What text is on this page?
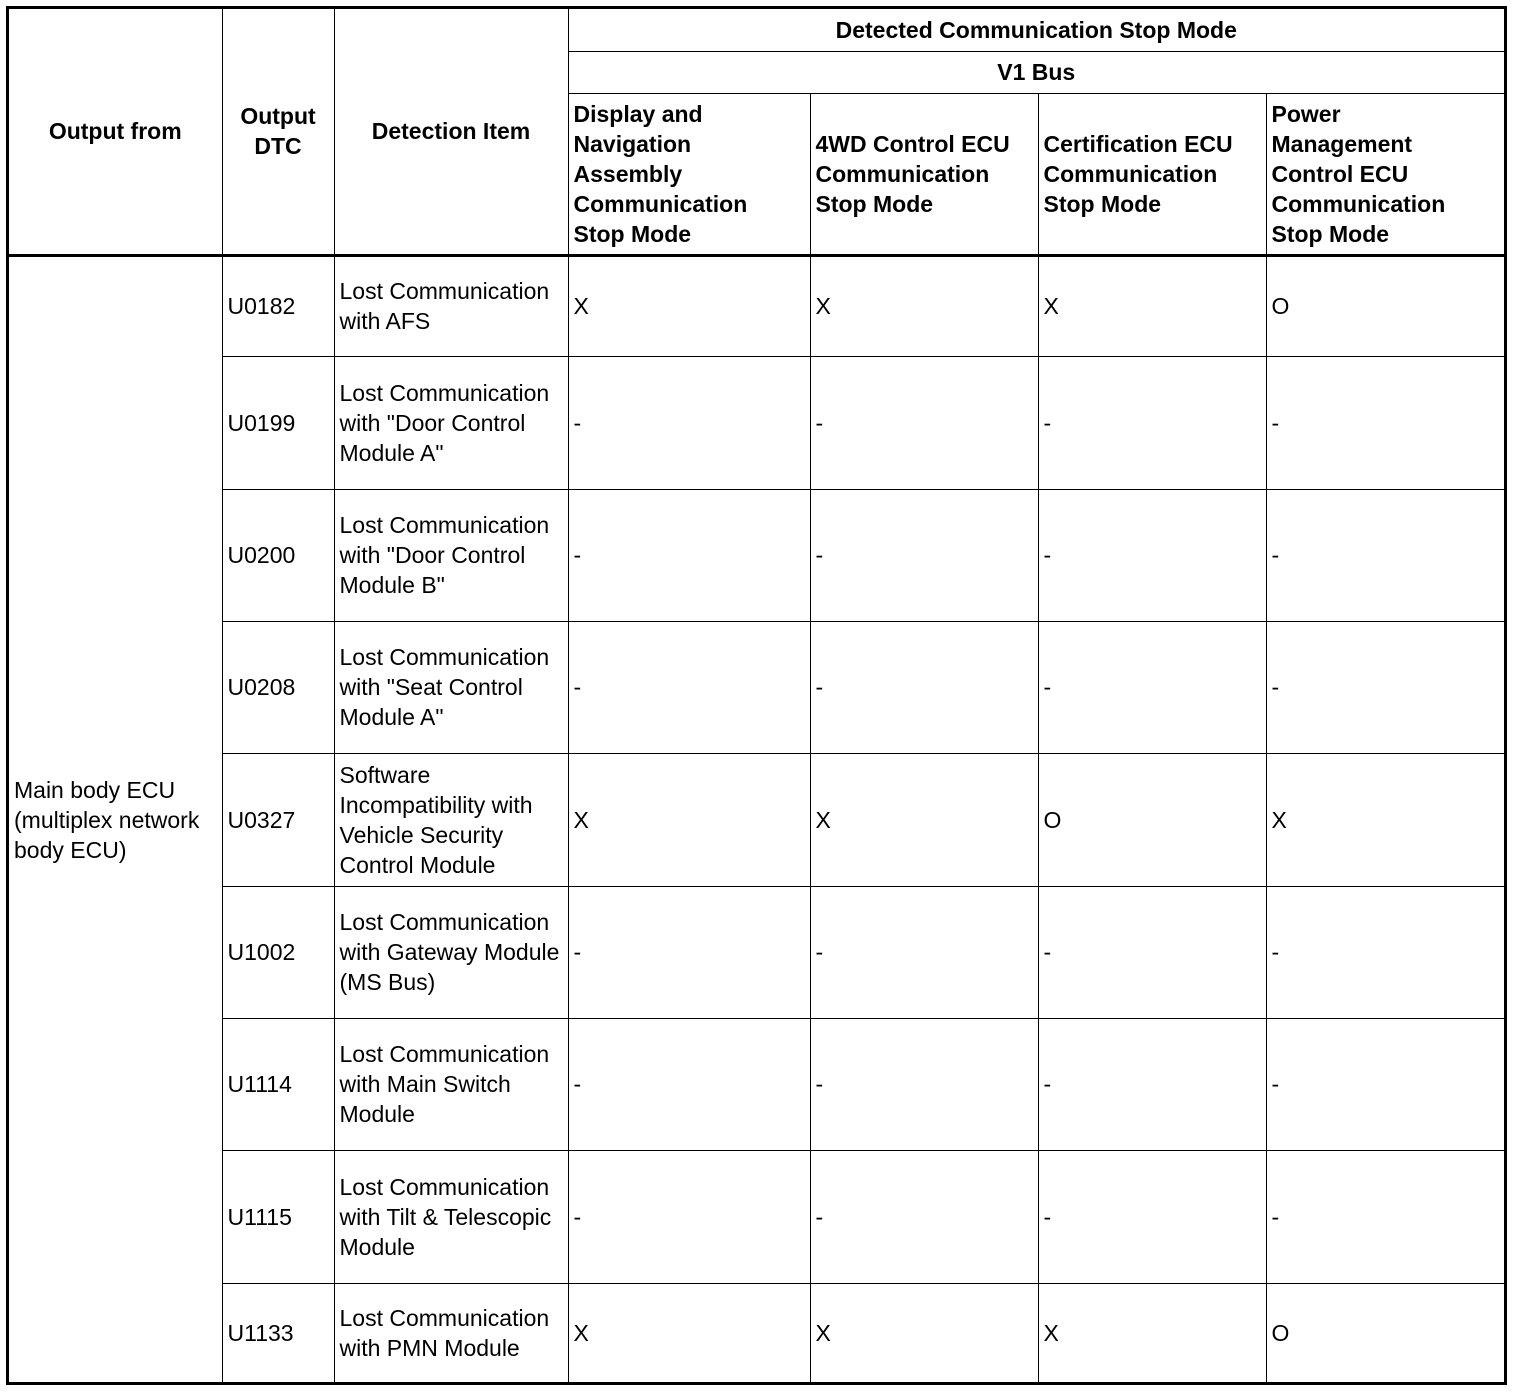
Output from	Output DTC	Detection Item	Detected Communication Stop Mode			
			V1 Bus			

			Display and Navigation Assembly Communication Stop Mode	4WD Control ECU Communication Stop Mode	Certification ECU Communication Stop Mode	Power Management Control ECU Communication Stop Mode

Main body ECU (multiplex network body ECU)	U0182	Lost Communication with AFS	X	X	X	O
	U0199	Lost Communication with "Door Control Module A"	-	-	-	-
	U0200	Lost Communication with "Door Control Module B"	-	-	-	-
	U0208	Lost Communication with "Seat Control Module A"	-	-	-	-
	U0327	Software Incompatibility with Vehicle Security Control Module	X	X	O	X
	U1002	Lost Communication with Gateway Module (MS Bus)	-	-	-	-
	U1114	Lost Communication with Main Switch Module	-	-	-	-
	U1115	Lost Communication with Tilt & Telescopic Module	-	-	-	-
	U1133	Lost Communication with PMN Module	X	X	X	O
